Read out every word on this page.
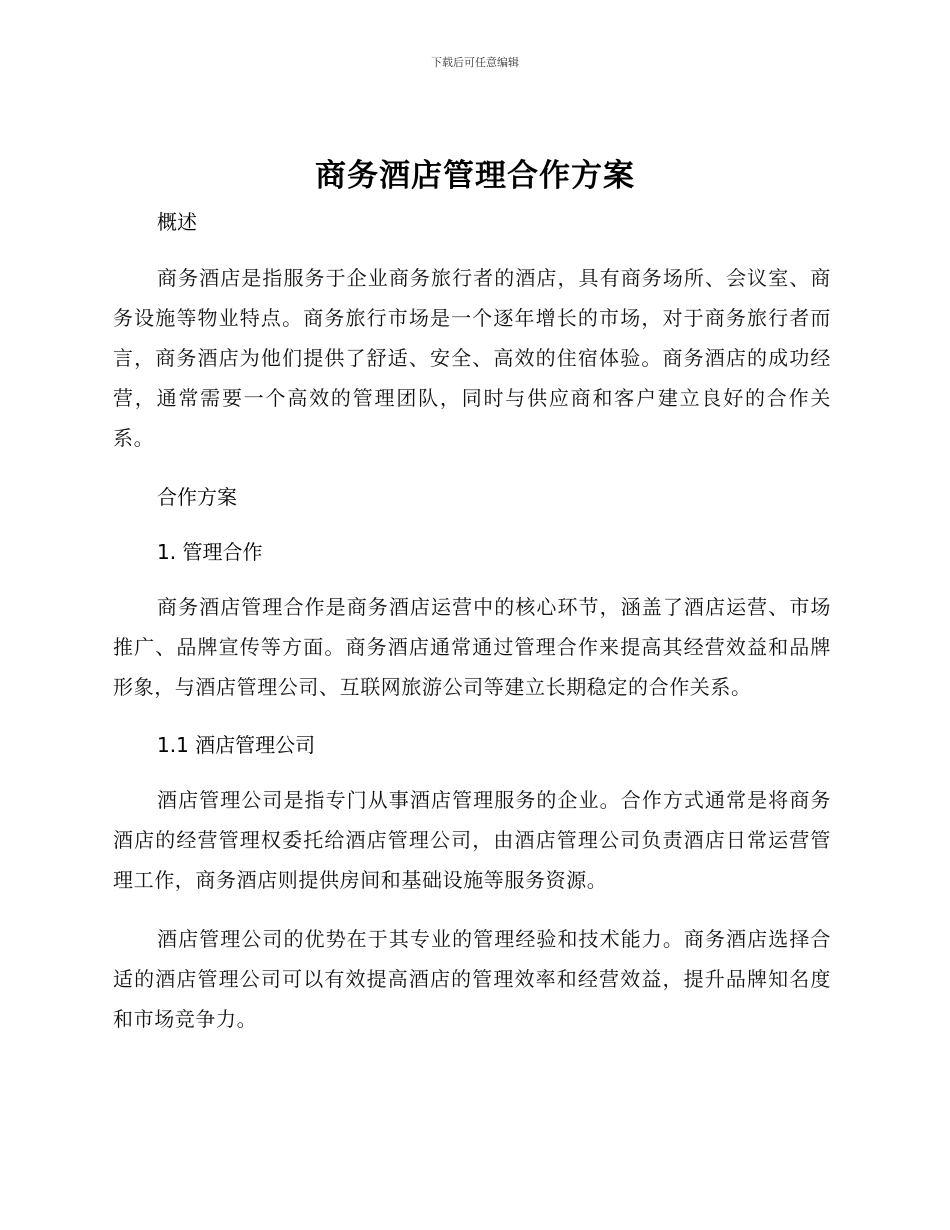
下载后可任意编辑
商务酒店管理合作方案
概述

商务酒店是指服务于企业商务旅行者的酒店，具有商务场所、会议室、商务设施等物业特点。商务旅行市场是一个逐年增长的市场，对于商务旅行者而言，商务酒店为他们提供了舒适、安全、高效的住宿体验。商务酒店的成功经营，通常需要一个高效的管理团队，同时与供应商和客户建立良好的合作关系。

合作方案
1. 管理合作

商务酒店管理合作是商务酒店运营中的核心环节，涵盖了酒店运营、市场推广、品牌宣传等方面。商务酒店通常通过管理合作来提高其经营效益和品牌形象，与酒店管理公司、互联网旅游公司等建立长期稳定的合作关系。

1.1 酒店管理公司

酒店管理公司是指专门从事酒店管理服务的企业。合作方式通常是将商务酒店的经营管理权委托给酒店管理公司，由酒店管理公司负责酒店日常运营管理工作，商务酒店则提供房间和基础设施等服务资源。

酒店管理公司的优势在于其专业的管理经验和技术能力。商务酒店选择合适的酒店管理公司可以有效提高酒店的管理效率和经营效益，提升品牌知名度和市场竞争力。
